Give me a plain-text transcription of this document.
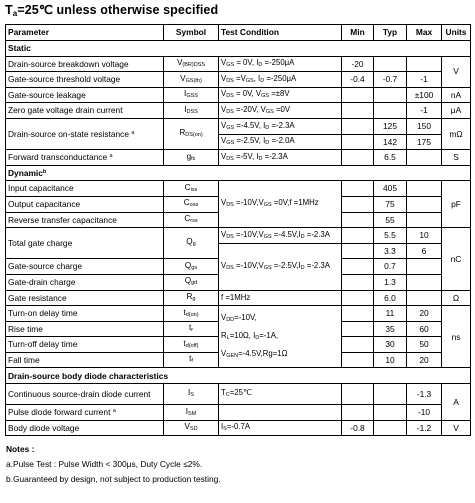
$T_a=25℃$ unless otherwise specified
Parameter	Symbol	Test Condition	Min	Typ	Max	Units
Static						
Drain-source breakdown voltage	$V_{(BR)DSS}$	$V_{GS} = 0V$, $I_D =-250\mu A$	-20			V
Gate-source threshold voltage	$V_{GS(th)}$	$V_{DS} =V_{GS}$, $I_D =-250\mu A$	-0.4	-0.7	-1	
Gate-source leakage	$I_{GSS}$	$V_{DS} = 0V$, $V_{GS} =\pm 8V$			±100	nA
Zero gate voltage drain current	$I_{DSS}$	$V_{DS} =-20V$, $V_{GS} =0V$			-1	μA
Drain-source on-state resistance $^a$	$R_{DS(on)}$	$V_{GS} =-4.5V$, $I_D =-2.3A$		125	150	mΩ
		$V_{GS} =-2.5V$, $I_D =-2.0A$		142	175	
Forward transconductance $^a$	$g_{fs}$	$V_{DS} =-5V$, $I_D =-2.3A$		6.5		S
Dynamic$^b$
Input capacitance	$C_{iss}$	$V_{DS} =-10V,V_{GS} =0V,f =1MHz$		405		pF
Output capacitance	$C_{oss}$			75		
Reverse transfer capacitance	$C_{rss}$			55		
Total gate charge	$Q_g$	$V_{DS} =-10V,V_{GS} =-4.5V,I_D =-2.3A$		5.5	10	nC
		$V_{DS} =-10V,V_{GS} =-2.5V,I_D =-2.3A$		3.3	6	
Gate-source charge	$Q_{gs}$			0.7		
Gate-drain charge	$Q_{gd}$			1.3		
Gate resistance	$R_g$	f =1MHz		6.0		Ω
Turn-on delay time	$t_{d(on)}$	$V_{DD}=-10V$,
$R_L=10\Omega$, $I_D=-1A$,
$V_{GEN}=-4.5V,Rg=1\Omega$		11	20	ns
Rise time	$t_r$			35	60	
Turn-off delay time	$t_{d(off)}$			30	50	
Fall time	$t_f$			10	20	
Drain-source body diode characteristics						
Continuous source-drain diode current	$I_S$	$T_C=25℃$			-1.3	A
Pulse diode forward current $^a$	$I_{SM}$				-10	
Body diode voltage	$V_{SD}$	$I_S=-0.7A$	-0.8		-1.2	V
Notes :
a.Pulse Test : Pulse Width < 300μs, Duty Cycle ≤2%.
b.Guaranteed by design, not subject to production testing.
